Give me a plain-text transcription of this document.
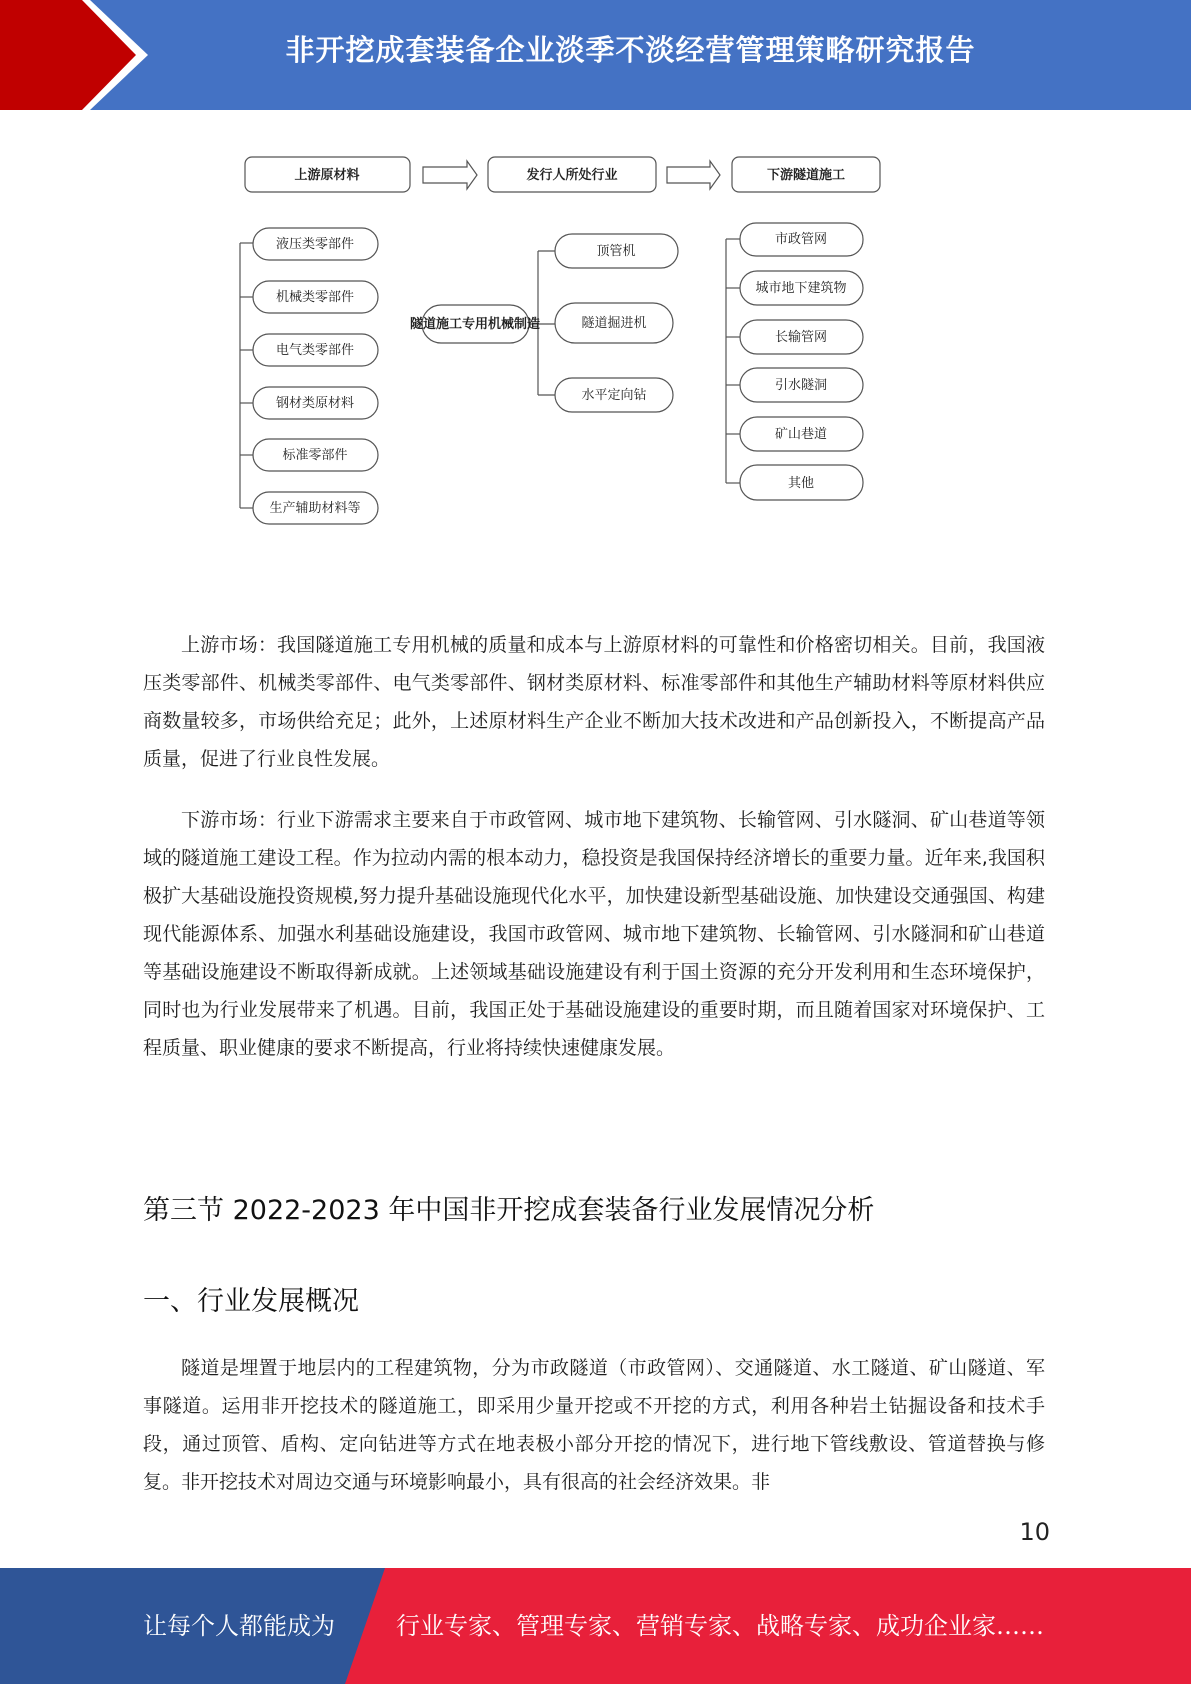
非开挖成套装备企业淡季不淡经营管理策略研究报告
上游原材料	发行人所处行业	下游隧道施工
液压类零部件
机械类零部件
电气类零部件
钢材类原材料
标准零部件
生产辅助材料等
隧道施工专用机械制造
顶管机
隧道掘进机
水平定向钻
市政管网
城市地下建筑物
长输管网
引水隧洞
矿山巷道
其他

上游市场：我国隧道施工专用机械的质量和成本与上游原材料的可靠性和价格密切相关。目前，我国液压类零部件、机械类零部件、电气类零部件、钢材类原材料、标准零部件和其他生产辅助材料等原材料供应商数量较多，市场供给充足；此外，上述原材料生产企业不断加大技术改进和产品创新投入，不断提高产品质量，促进了行业良性发展。

下游市场：行业下游需求主要来自于市政管网、城市地下建筑物、长输管网、引水隧洞、矿山巷道等领域的隧道施工建设工程。作为拉动内需的根本动力，稳投资是我国保持经济增长的重要力量。近年来,我国积极扩大基础设施投资规模,努力提升基础设施现代化水平，加快建设新型基础设施、加快建设交通强国、构建现代能源体系、加强水利基础设施建设，我国市政管网、城市地下建筑物、长输管网、引水隧洞和矿山巷道等基础设施建设不断取得新成就。上述领域基础设施建设有利于国土资源的充分开发利用和生态环境保护，同时也为行业发展带来了机遇。目前，我国正处于基础设施建设的重要时期，而且随着国家对环境保护、工程质量、职业健康的要求不断提高，行业将持续快速健康发展。

第三节 2022-2023 年中国非开挖成套装备行业发展情况分析
一、行业发展概况

隧道是埋置于地层内的工程建筑物，分为市政隧道（市政管网）、交通隧道、水工隧道、矿山隧道、军事隧道。运用非开挖技术的隧道施工，即采用少量开挖或不开挖的方式，利用各种岩土钻掘设备和技术手段，通过顶管、盾构、定向钻进等方式在地表极小部分开挖的情况下，进行地下管线敷设、管道替换与修复。非开挖技术对周边交通与环境影响最小，具有很高的社会经济效果。非

10
让每个人都能成为	行业专家、管理专家、营销专家、战略专家、成功企业家……
